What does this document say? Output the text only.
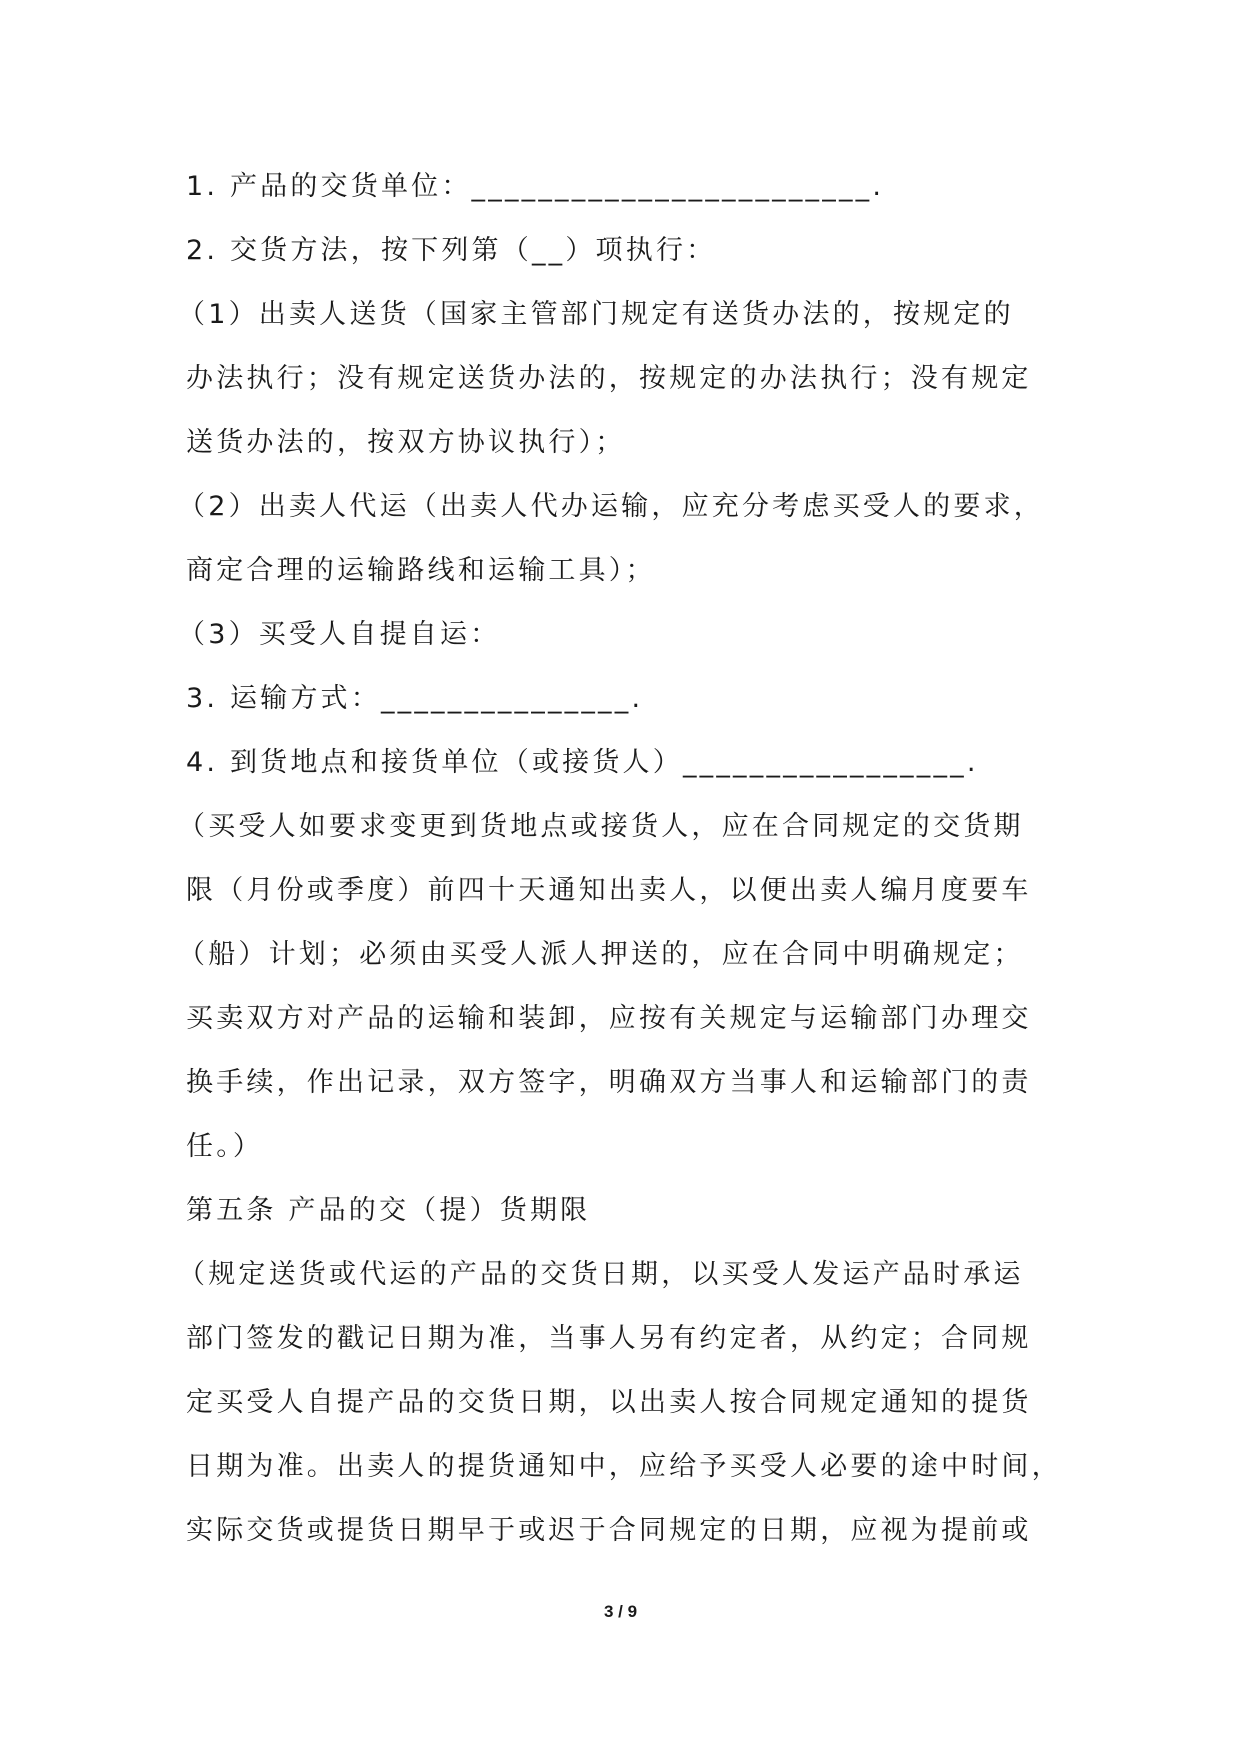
1. 产品的交货单位：________________________.
2. 交货方法，按下列第（__）项执行：
（1）出卖人送货（国家主管部门规定有送货办法的，按规定的
办法执行；没有规定送货办法的，按规定的办法执行；没有规定
送货办法的，按双方协议执行）；
（2）出卖人代运（出卖人代办运输，应充分考虑买受人的要求，
商定合理的运输路线和运输工具）；
（3）买受人自提自运：
3. 运输方式：_______________.
4. 到货地点和接货单位（或接货人）_________________.
（买受人如要求变更到货地点或接货人，应在合同规定的交货期
限（月份或季度）前四十天通知出卖人，以便出卖人编月度要车
（船）计划；必须由买受人派人押送的，应在合同中明确规定；
买卖双方对产品的运输和装卸，应按有关规定与运输部门办理交
换手续，作出记录，双方签字，明确双方当事人和运输部门的责
任。）
第五条 产品的交（提）货期限
（规定送货或代运的产品的交货日期，以买受人发运产品时承运
部门签发的戳记日期为准，当事人另有约定者，从约定；合同规
定买受人自提产品的交货日期，以出卖人按合同规定通知的提货
日期为准。出卖人的提货通知中，应给予买受人必要的途中时间，
实际交货或提货日期早于或迟于合同规定的日期，应视为提前或
3 / 9
